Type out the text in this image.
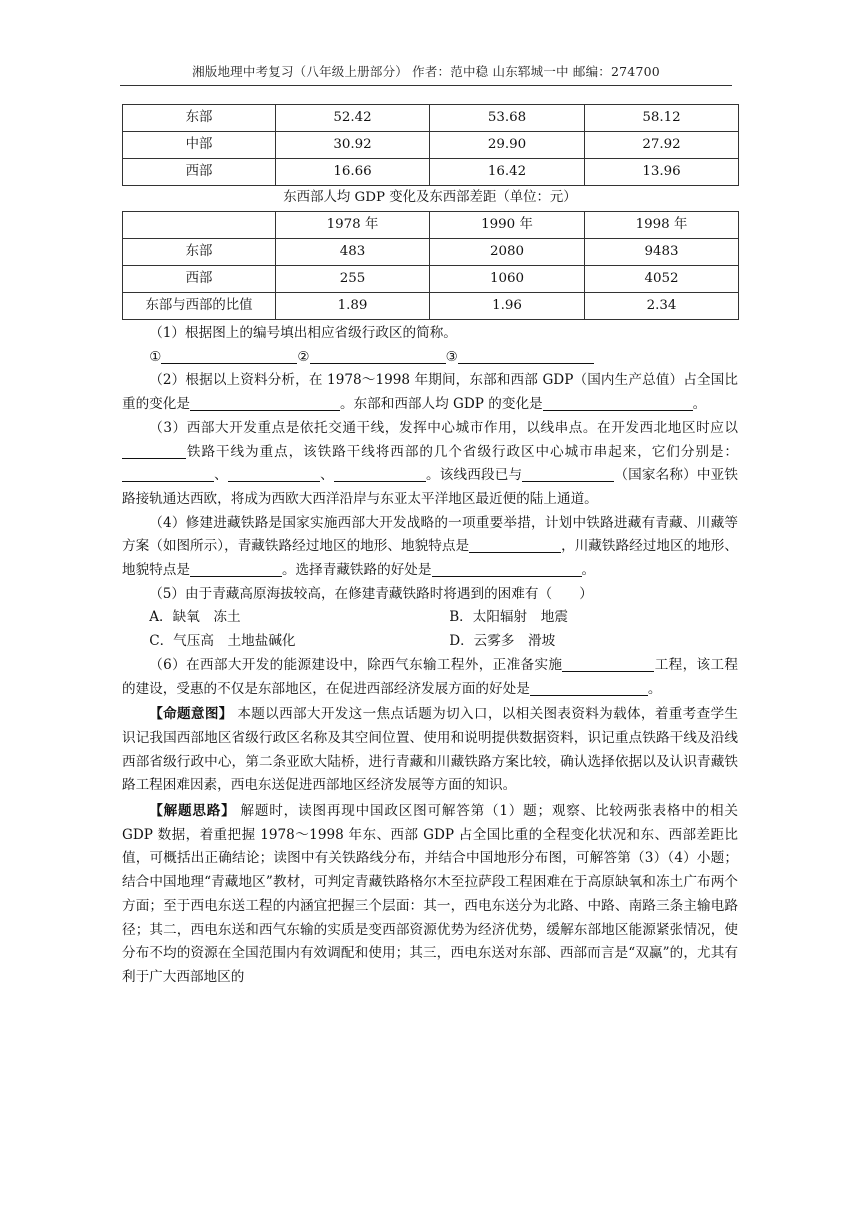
湘版地理中考复习（八年级上册部分） 作者：范中稳 山东郓城一中 邮编：274700
东部	52.42	53.68	58.12
中部	30.92	29.90	27.92
西部	16.66	16.42	13.96
东西部人均 GDP 变化及东西部差距（单位：元）
	1978 年	1990 年	1998 年
东部	483	2080	9483
西部	255	1060	4052
东部与西部的比值	1.89	1.96	2.34

（1）根据图上的编号填出相应省级行政区的简称。

①	②	③

（2）根据以上资料分析，在 1978～1998 年期间，东部和西部 GDP（国内生产总值）占全国比重的变化是	。东部和西部人均 GDP 的变化是	。

（3）西部大开发重点是依托交通干线，发挥中心城市作用，以线串点。在开发西北地区时应以铁路干线为重点，该铁路干线将西部的几个省级行政区中心城市串起来，它们分别是：、	、	。该线西段已与	（国家名称）中亚铁路接轨通达西欧，将成为西欧大西洋沿岸与东亚太平洋地区最近便的陆上通道。

（4）修建进藏铁路是国家实施西部大开发战略的一项重要举措，计划中铁路进藏有青藏、川藏等方案（如图所示），青藏铁路经过地区的地形、地貌特点是	，川藏铁路经过地区的地形、地貌特点是	。选择青藏铁路的好处是	。

（5）由于青藏高原海拔较高，在修建青藏铁路时将遇到的困难有（　　）

A．缺氧　冻土	B．太阳辐射　地震
C．气压高　土地盐碱化	D．云雾多　滑坡

（6）在西部大开发的能源建设中，除西气东输工程外，正准备实施	工程，该工程的建设，受惠的不仅是东部地区，在促进西部经济发展方面的好处是	。

【命题意图】 本题以西部大开发这一焦点话题为切入口，以相关图表资料为载体，着重考查学生识记我国西部地区省级行政区名称及其空间位置、使用和说明提供数据资料，识记重点铁路干线及沿线西部省级行政中心，第二条亚欧大陆桥，进行青藏和川藏铁路方案比较，确认选择依据以及认识青藏铁路工程困难因素，西电东送促进西部地区经济发展等方面的知识。

【解题思路】 解题时，读图再现中国政区图可解答第（1）题；观察、比较两张表格中的相关 GDP 数据，着重把握 1978～1998 年东、西部 GDP 占全国比重的全程变化状况和东、西部差距比值，可概括出正确结论；读图中有关铁路线分布，并结合中国地形分布图，可解答第（3）（4）小题；结合中国地理“青藏地区”教材，可判定青藏铁路格尔木至拉萨段工程困难在于高原缺氧和冻土广布两个方面；至于西电东送工程的内涵宜把握三个层面：其一，西电东送分为北路、中路、南路三条主输电路径；其二，西电东送和西气东输的实质是变西部资源优势为经济优势，缓解东部地区能源紧张情况，使分布不均的资源在全国范围内有效调配和使用；其三，西电东送对东部、西部而言是“双赢”的，尤其有利于广大西部地区的
